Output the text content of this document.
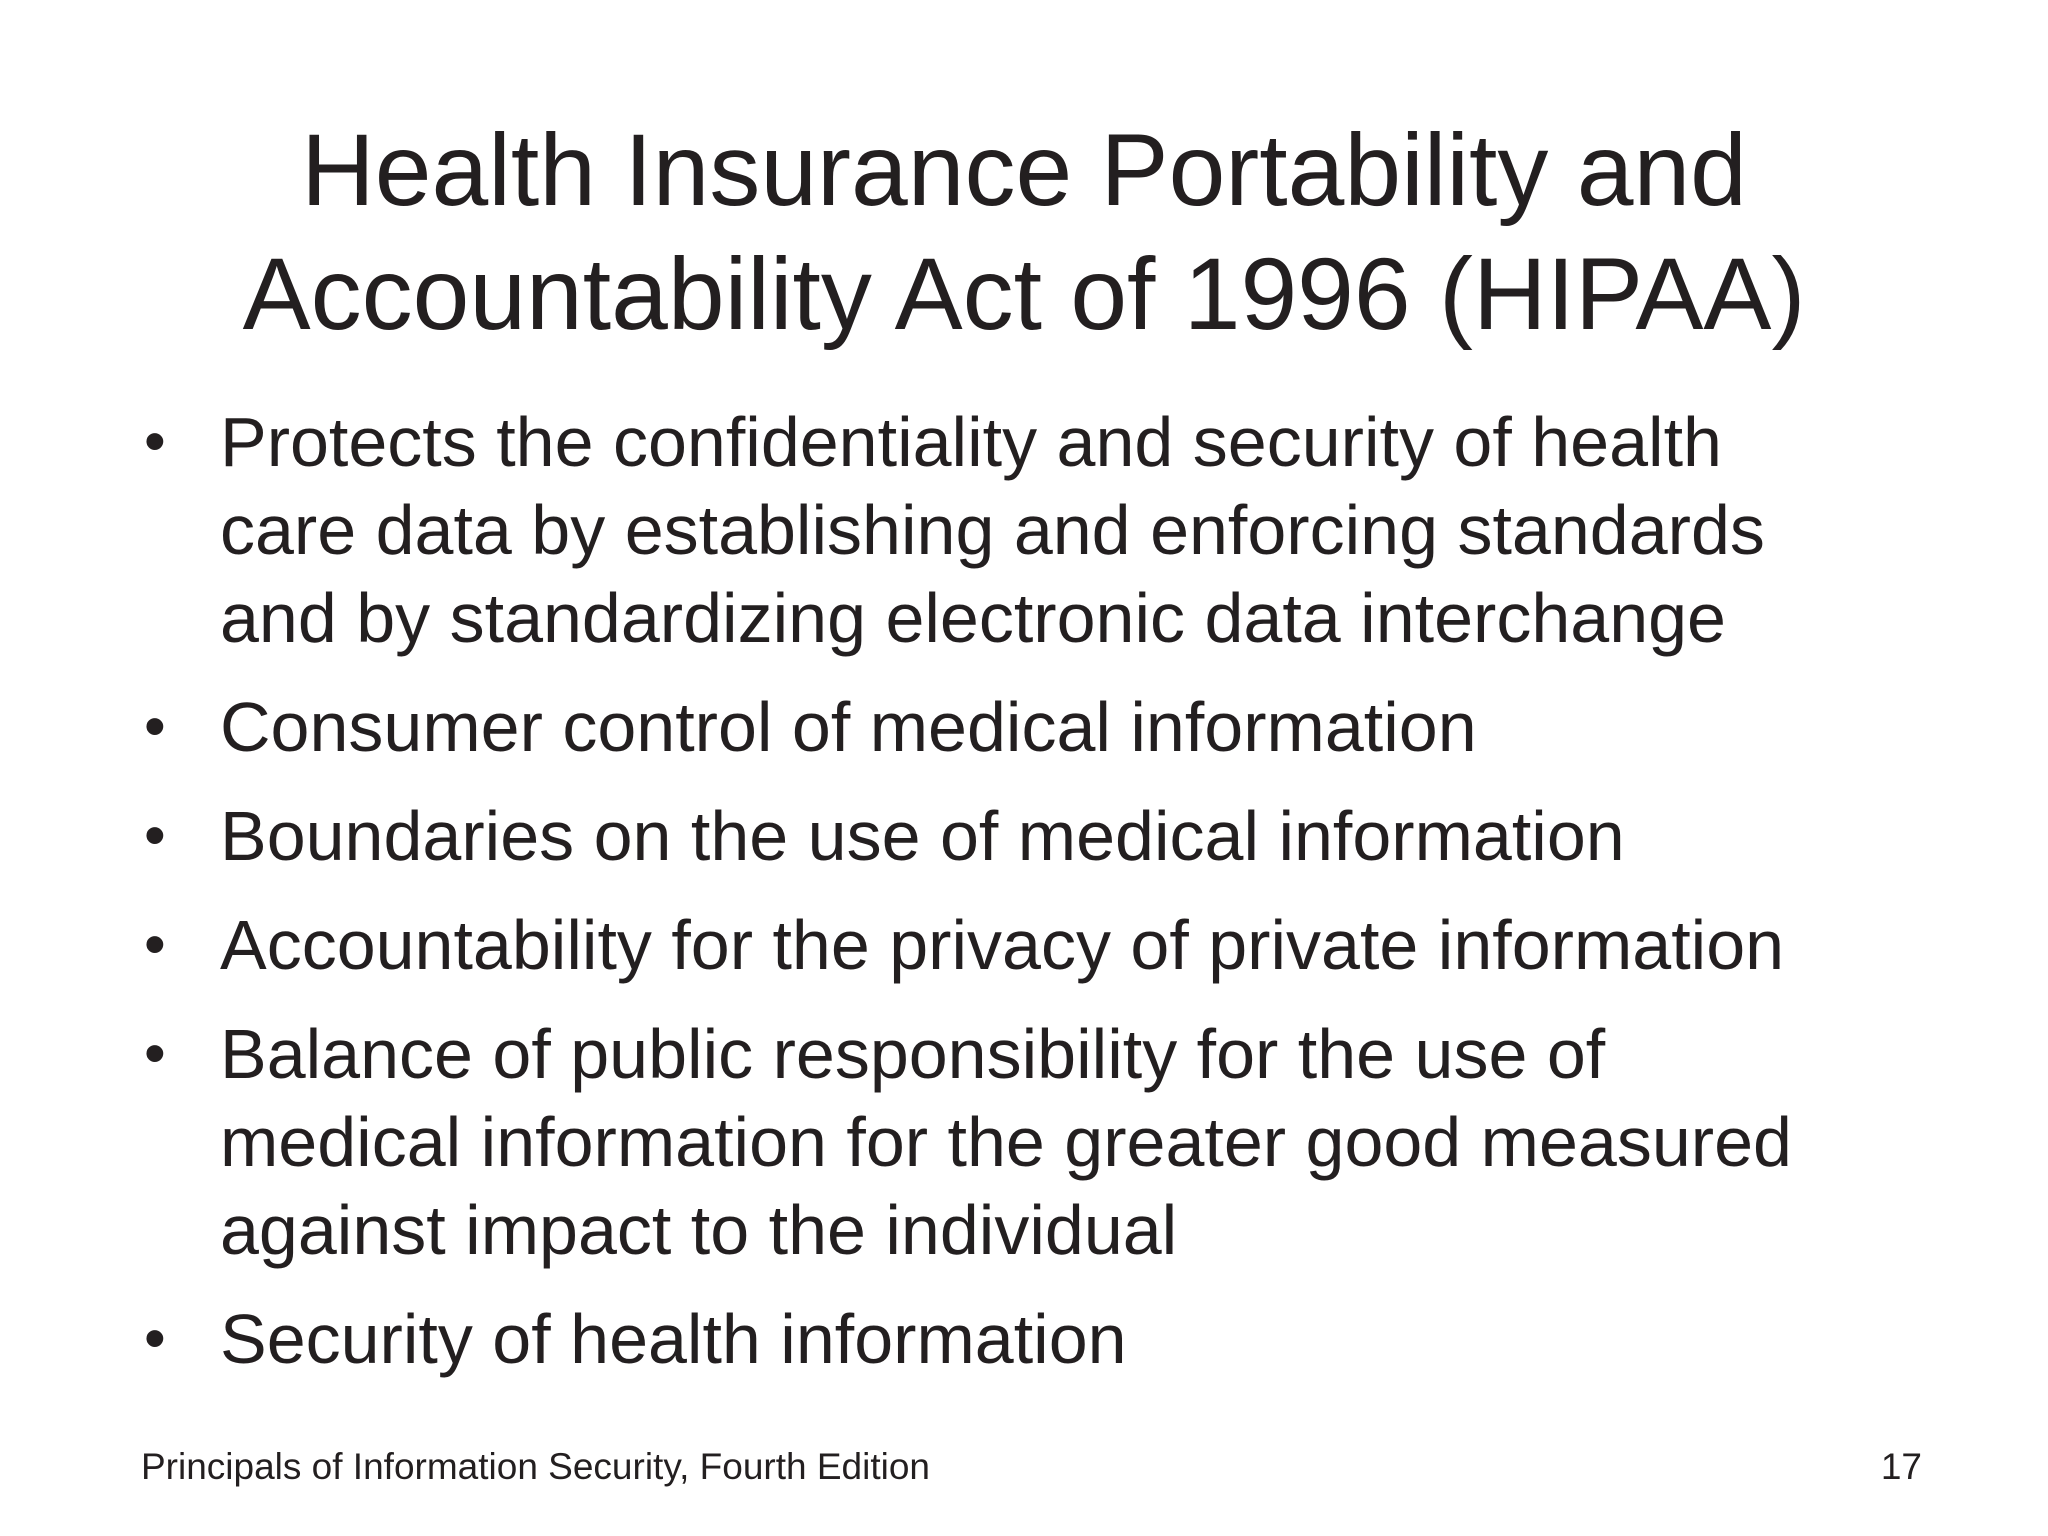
Health Insurance Portability and
Accountability Act of 1996 (HIPAA)
• Protects the confidentiality and security of health
care data by establishing and enforcing standards
and by standardizing electronic data interchange
• Consumer control of medical information
• Boundaries on the use of medical information
• Accountability for the privacy of private information
• Balance of public responsibility for the use of
medical information for the greater good measured
against impact to the individual
• Security of health information
Principals of Information Security, Fourth Edition	17
